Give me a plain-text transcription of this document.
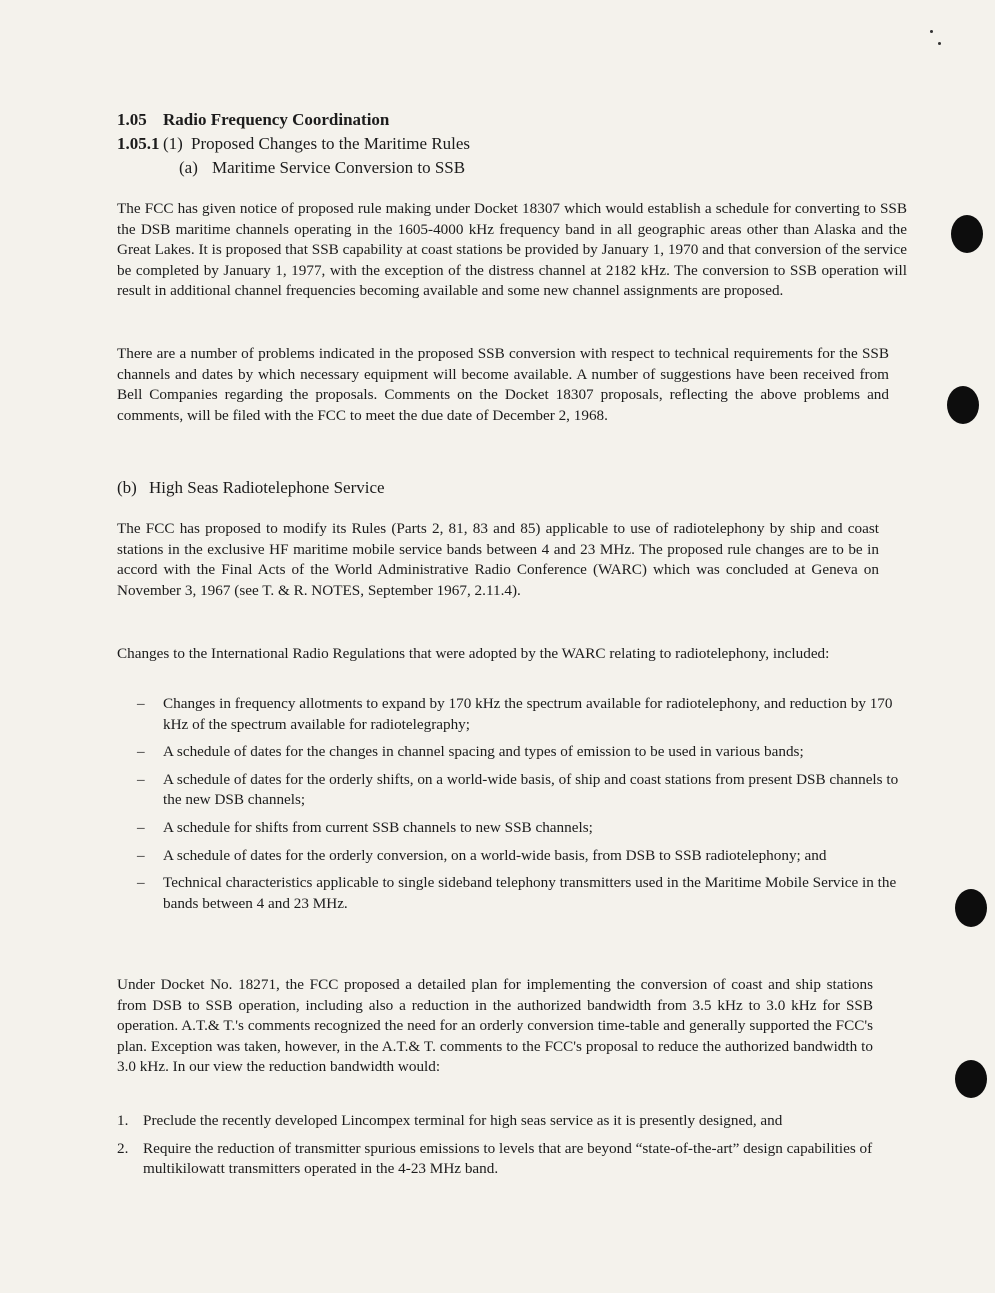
1.05 Radio Frequency Coordination
1.05.1 (1) Proposed Changes to the Maritime Rules
(a) Maritime Service Conversion to SSB

The FCC has given notice of proposed rule making under Docket 18307 which would establish a schedule for converting to SSB the DSB maritime channels operating in the 1605-4000 kHz frequency band in all geographic areas other than Alaska and the Great Lakes. It is proposed that SSB capability at coast stations be provided by January 1, 1970 and that conversion of the service be completed by January 1, 1977, with the exception of the distress channel at 2182 kHz. The conversion to SSB operation will result in additional channel frequencies becoming available and some new channel assignments are proposed.

There are a number of problems indicated in the proposed SSB conversion with respect to technical requirements for the SSB channels and dates by which necessary equipment will become available. A number of suggestions have been received from Bell Companies regarding the proposals. Comments on the Docket 18307 proposals, reflecting the above problems and comments, will be filed with the FCC to meet the due date of December 2, 1968.

(b) High Seas Radiotelephone Service

The FCC has proposed to modify its Rules (Parts 2, 81, 83 and 85) applicable to use of radiotelephony by ship and coast stations in the exclusive HF maritime mobile service bands between 4 and 23 MHz. The proposed rule changes are to be in accord with the Final Acts of the World Administrative Radio Conference (WARC) which was concluded at Geneva on November 3, 1967 (see T. & R. NOTES, September 1967, 2.11.4).

Changes to the International Radio Regulations that were adopted by the WARC relating to radiotelephony, included:

– Changes in frequency allotments to expand by 170 kHz the spectrum available for radiotelephony, and reduction by 170 kHz of the spectrum available for radiotelegraphy;
– A schedule of dates for the changes in channel spacing and types of emission to be used in various bands;
– A schedule of dates for the orderly shifts, on a world-wide basis, of ship and coast stations from present DSB channels to the new DSB channels;
– A schedule for shifts from current SSB channels to new SSB channels;
– A schedule of dates for the orderly conversion, on a world-wide basis, from DSB to SSB radiotelephony; and
– Technical characteristics applicable to single sideband telephony transmitters used in the Maritime Mobile Service in the bands between 4 and 23 MHz.

Under Docket No. 18271, the FCC proposed a detailed plan for implementing the conversion of coast and ship stations from DSB to SSB operation, including also a reduction in the authorized bandwidth from 3.5 kHz to 3.0 kHz for SSB operation. A.T.& T.'s comments recognized the need for an orderly conversion time-table and generally supported the FCC's plan. Exception was taken, however, in the A.T.& T. comments to the FCC's proposal to reduce the authorized bandwidth to 3.0 kHz. In our view the reduction bandwidth would:

1. Preclude the recently developed Lincompex terminal for high seas service as it is presently designed, and
2. Require the reduction of transmitter spurious emissions to levels that are beyond “state-of-the-art” design capabilities of multikilowatt transmitters operated in the 4-23 MHz band.
